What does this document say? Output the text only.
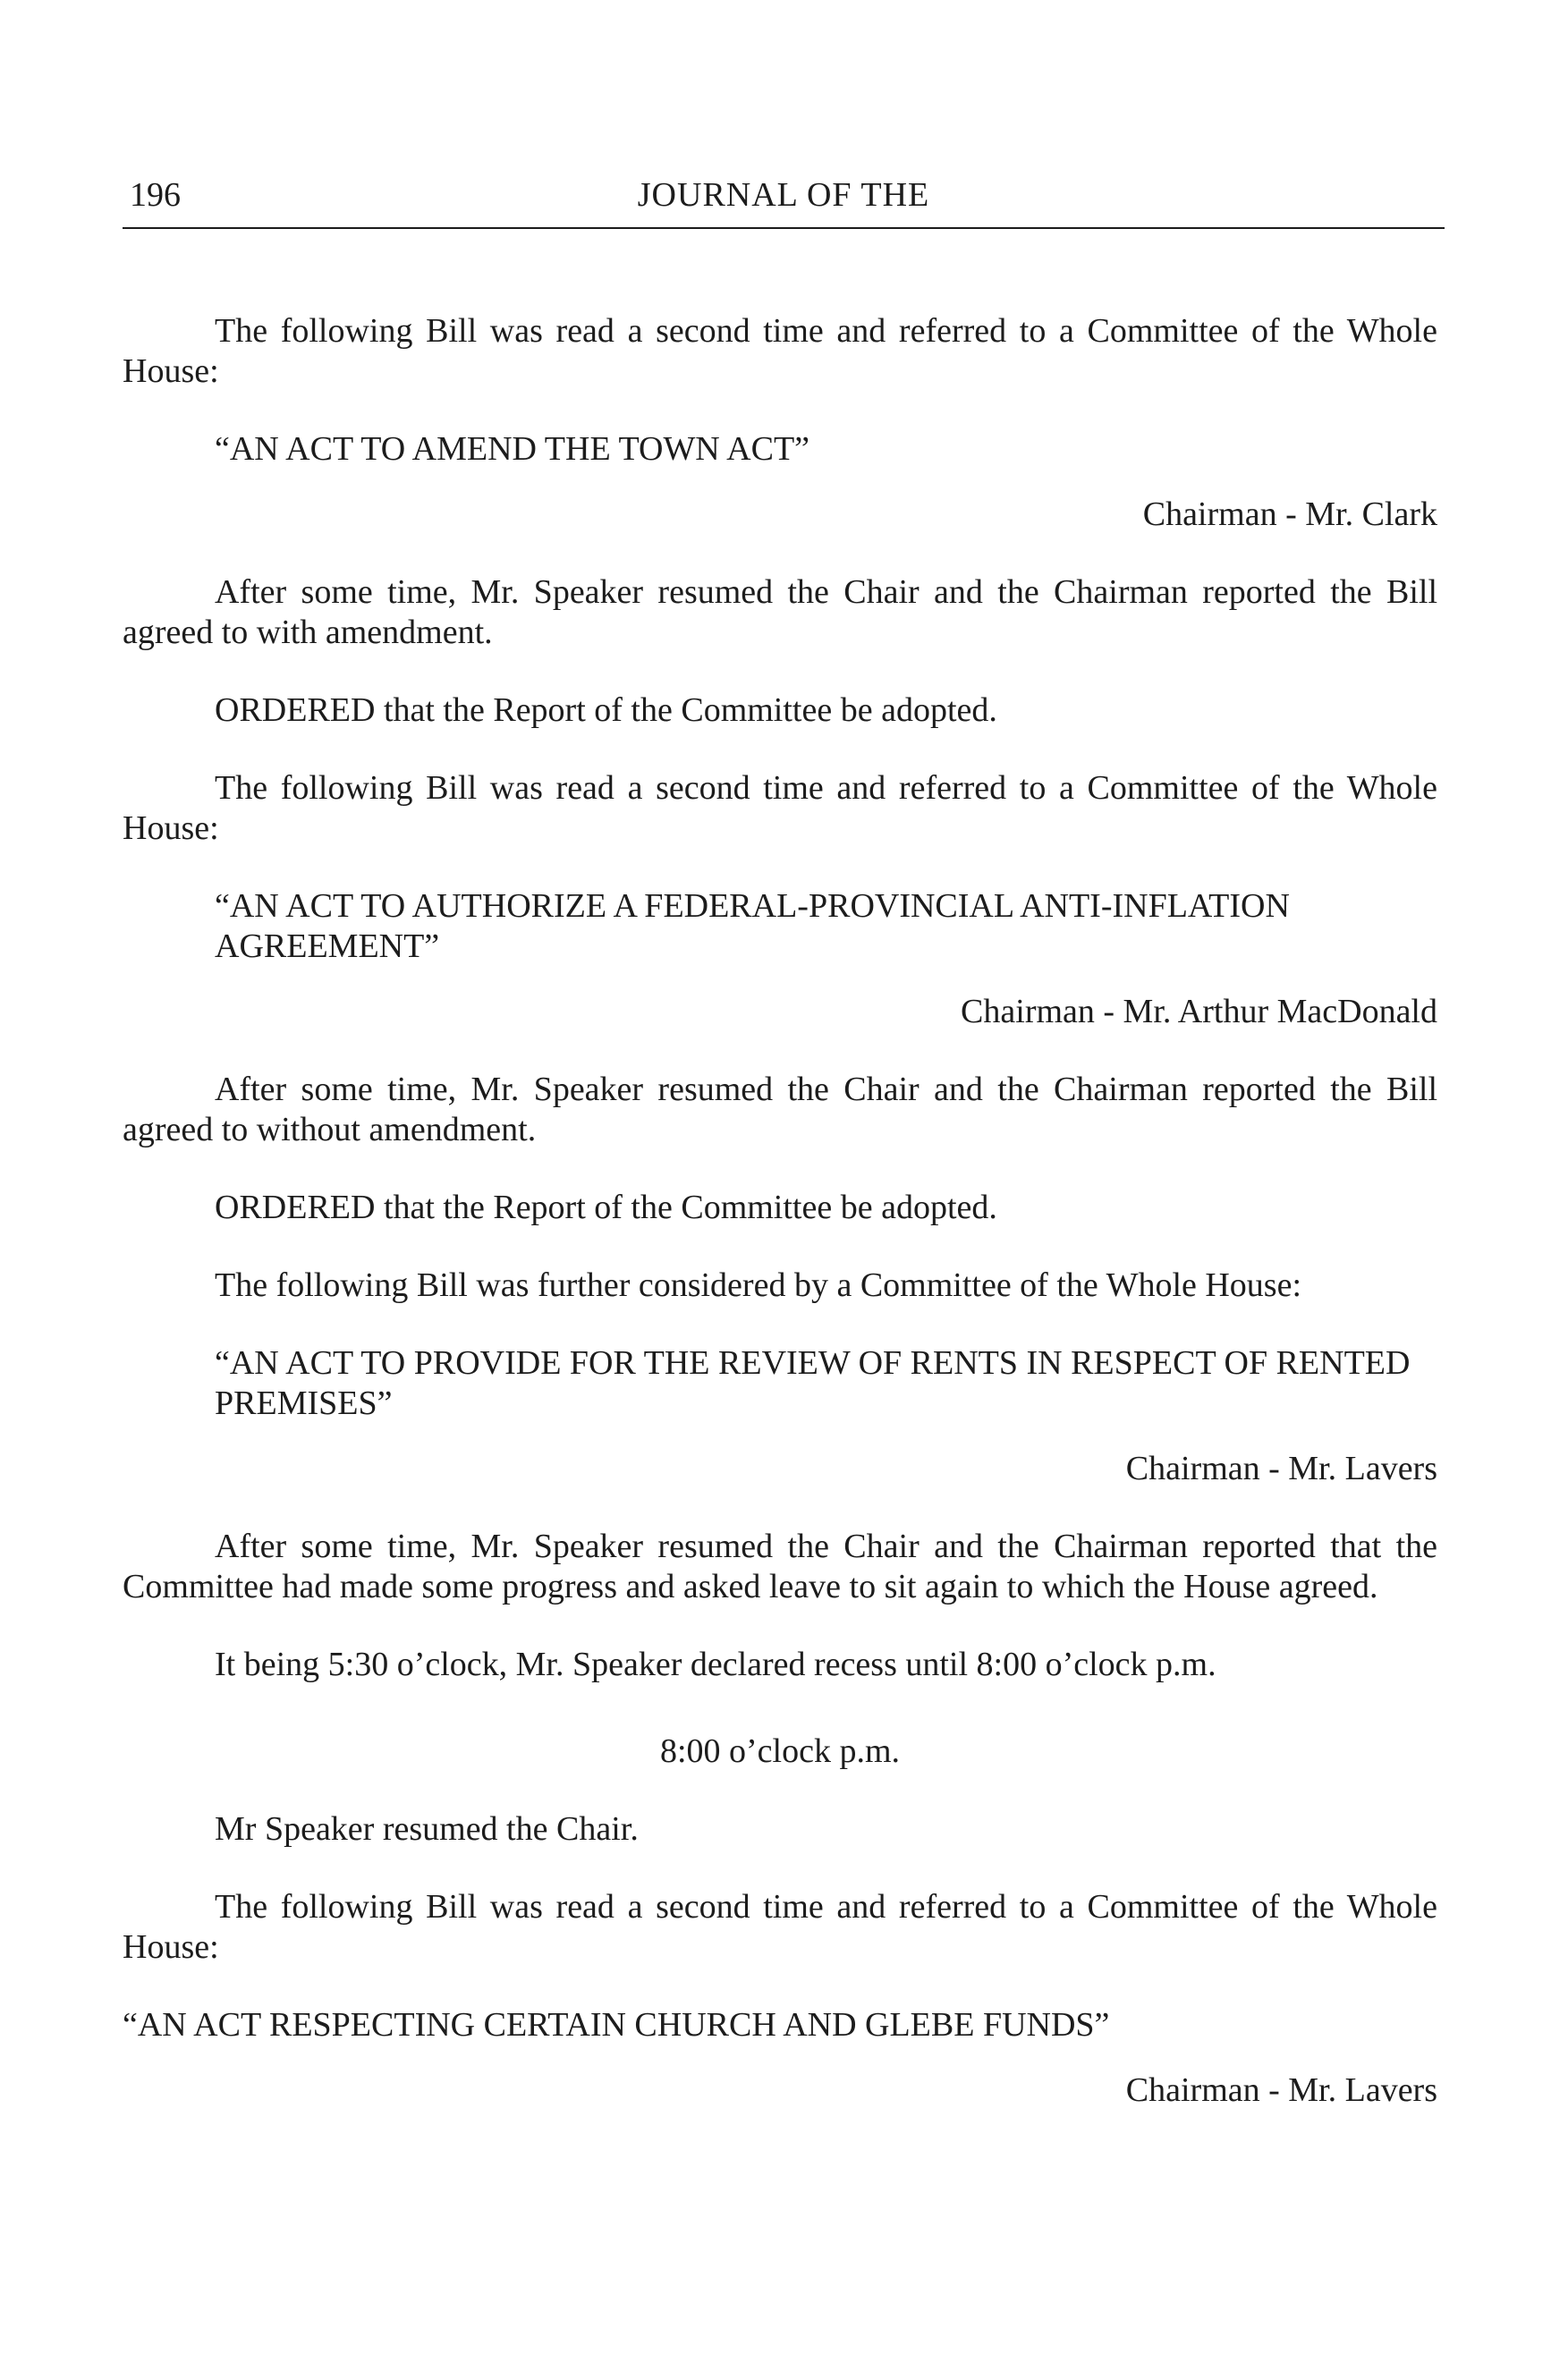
196	JOURNAL OF THE

The following Bill was read a second time and referred to a Committee of the Whole House:

“AN ACT TO AMEND THE TOWN ACT”

Chairman - Mr. Clark

After some time, Mr. Speaker resumed the Chair and the Chairman reported the Bill agreed to with amendment.

ORDERED that the Report of the Committee be adopted.

The following Bill was read a second time and referred to a Committee of the Whole House:

“AN ACT TO AUTHORIZE A FEDERAL-PROVINCIAL ANTI-INFLATION AGREEMENT”

Chairman - Mr. Arthur MacDonald

After some time, Mr. Speaker resumed the Chair and the Chairman reported the Bill agreed to without amendment.

ORDERED that the Report of the Committee be adopted.

The following Bill was further considered by a Committee of the Whole House:

“AN ACT TO PROVIDE FOR THE REVIEW OF RENTS IN RESPECT OF RENTED PREMISES”

Chairman - Mr. Lavers

After some time, Mr. Speaker resumed the Chair and the Chairman reported that the Committee had made some progress and asked leave to sit again to which the House agreed.

It being 5:30 o’clock, Mr. Speaker declared recess until 8:00 o’clock p.m.

8:00 o’clock p.m.

Mr Speaker resumed the Chair.

The following Bill was read a second time and referred to a Committee of the Whole House:

“AN ACT RESPECTING CERTAIN CHURCH AND GLEBE FUNDS”

Chairman - Mr. Lavers
